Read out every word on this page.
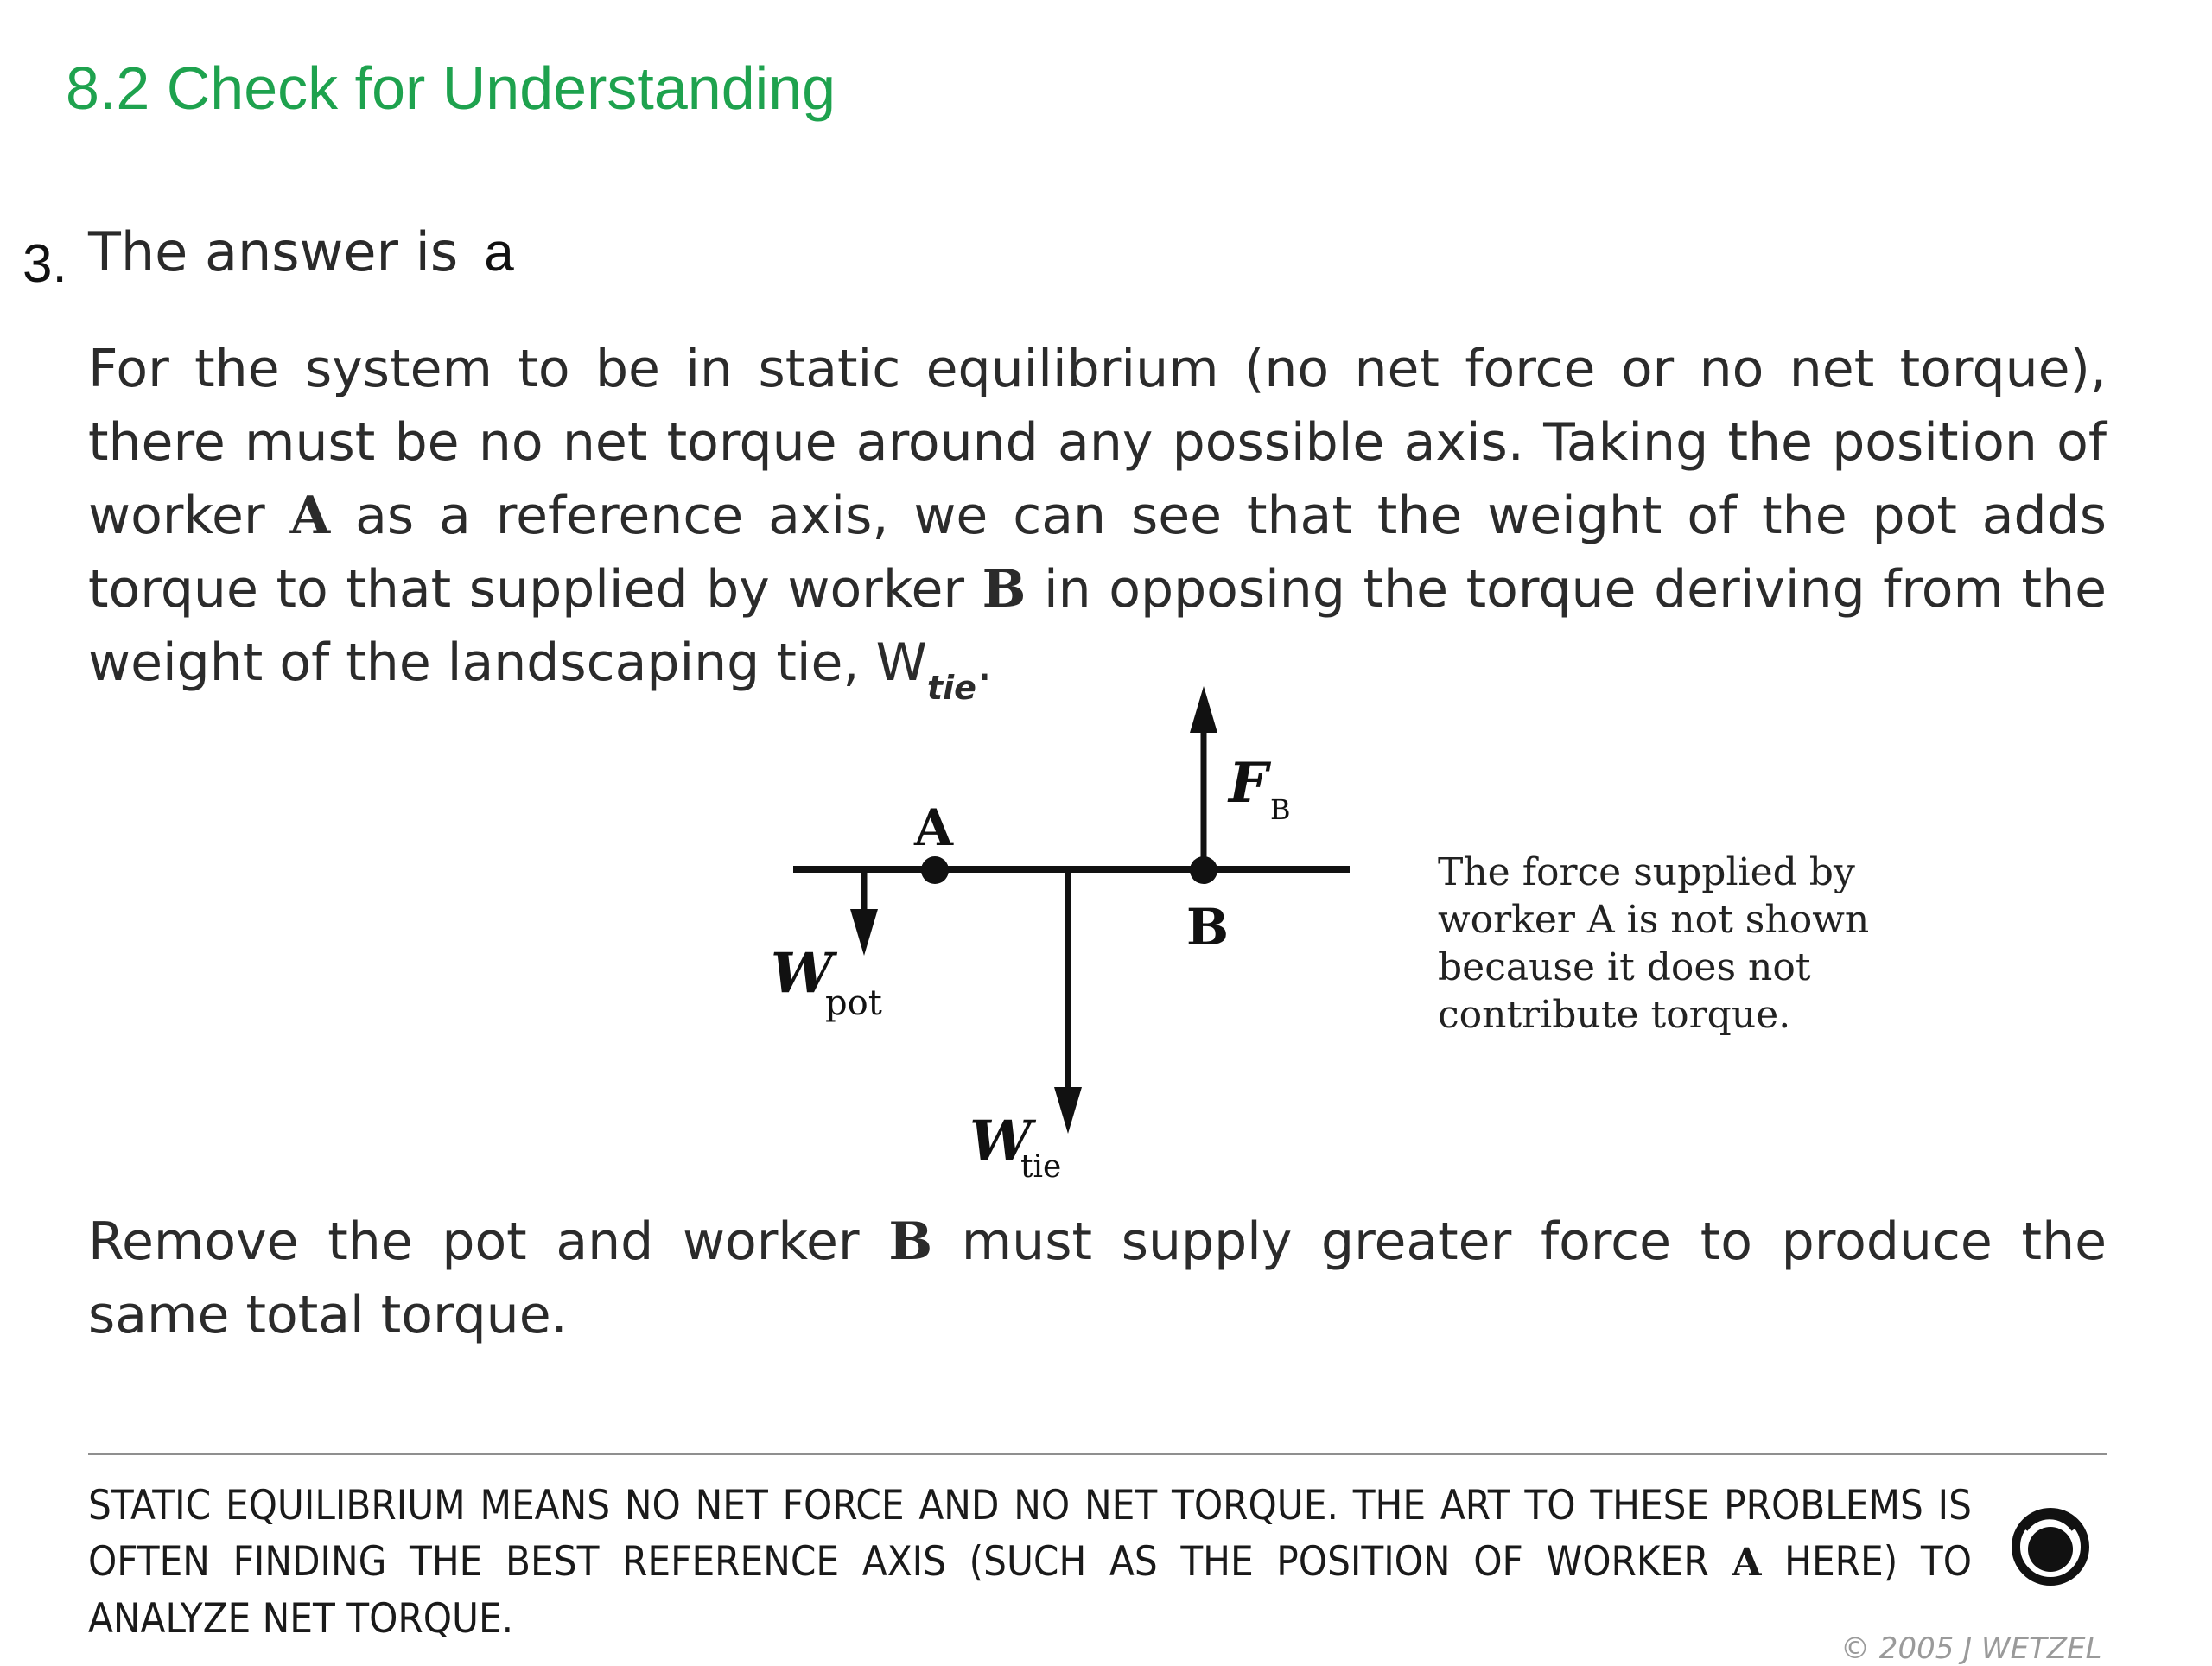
8.2 Check for Understanding
3. The answer is a
For the system to be in static equilibrium (no net force or no net torque), there must be no net torque around any possible axis. Taking the position of worker A as a reference axis, we can see that the weight of the pot adds torque to that supplied by worker B in opposing the torque deriving from the weight of the landscaping tie, $W_{tie}$.
A
B
F B
W
pot
W
tie
The force supplied by
worker A is not shown
because it does not
contribute torque.
Remove the pot and worker B must supply greater force to produce the same total torque.
STATIC EQUILIBRIUM MEANS NO NET FORCE AND NO NET TORQUE. THE ART TO THESE PROBLEMS IS OFTEN FINDING THE BEST REFERENCE AXIS (SUCH AS THE POSITION OF WORKER A HERE) TO ANALYZE NET TORQUE.
© 2005 J WETZEL
